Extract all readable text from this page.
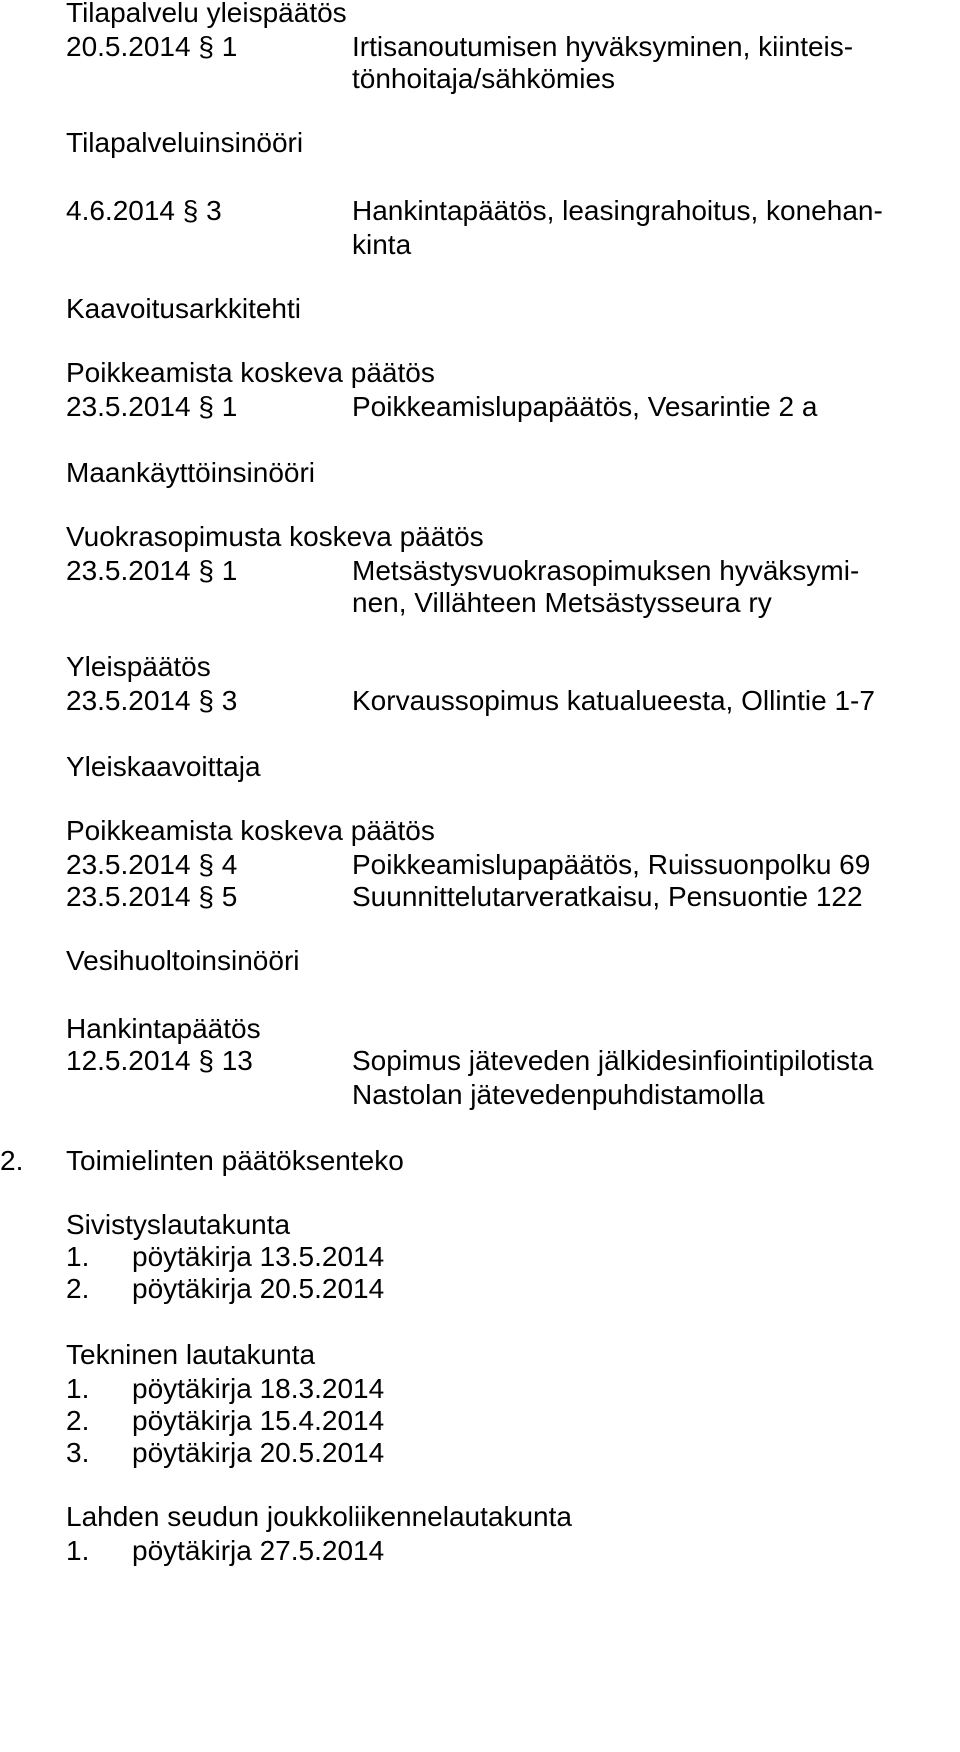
Tilapalvelu yleispäätös
20.5.2014 § 1	Irtisanoutumisen hyväksyminen, kiinteis-
tönhoitaja/sähkömies
Tilapalveluinsinööri
4.6.2014 § 3	Hankintapäätös, leasingrahoitus, konehan-
kinta
Kaavoitusarkkitehti
Poikkeamista koskeva päätös
23.5.2014 § 1	Poikkeamislupapäätös, Vesarintie 2 a
Maankäyttöinsinööri
Vuokrasopimusta koskeva päätös
23.5.2014 § 1	Metsästysvuokrasopimuksen hyväksymi-
nen, Villähteen Metsästysseura ry
Yleispäätös
23.5.2014 § 3	Korvaussopimus katualueesta, Ollintie 1-7
Yleiskaavoittaja
Poikkeamista koskeva päätös
23.5.2014 § 4	Poikkeamislupapäätös, Ruissuonpolku 69
23.5.2014 § 5	Suunnittelutarveratkaisu, Pensuontie 122
Vesihuoltoinsinööri
Hankintapäätös
12.5.2014 § 13	Sopimus jäteveden jälkidesinfiointipilotista
Nastolan jätevedenpuhdistamolla
2. Toimielinten päätöksenteko
Sivistyslautakunta
1. pöytäkirja 13.5.2014
2. pöytäkirja 20.5.2014
Tekninen lautakunta
1. pöytäkirja 18.3.2014
2. pöytäkirja 15.4.2014
3. pöytäkirja 20.5.2014
Lahden seudun joukkoliikennelautakunta
1. pöytäkirja 27.5.2014
